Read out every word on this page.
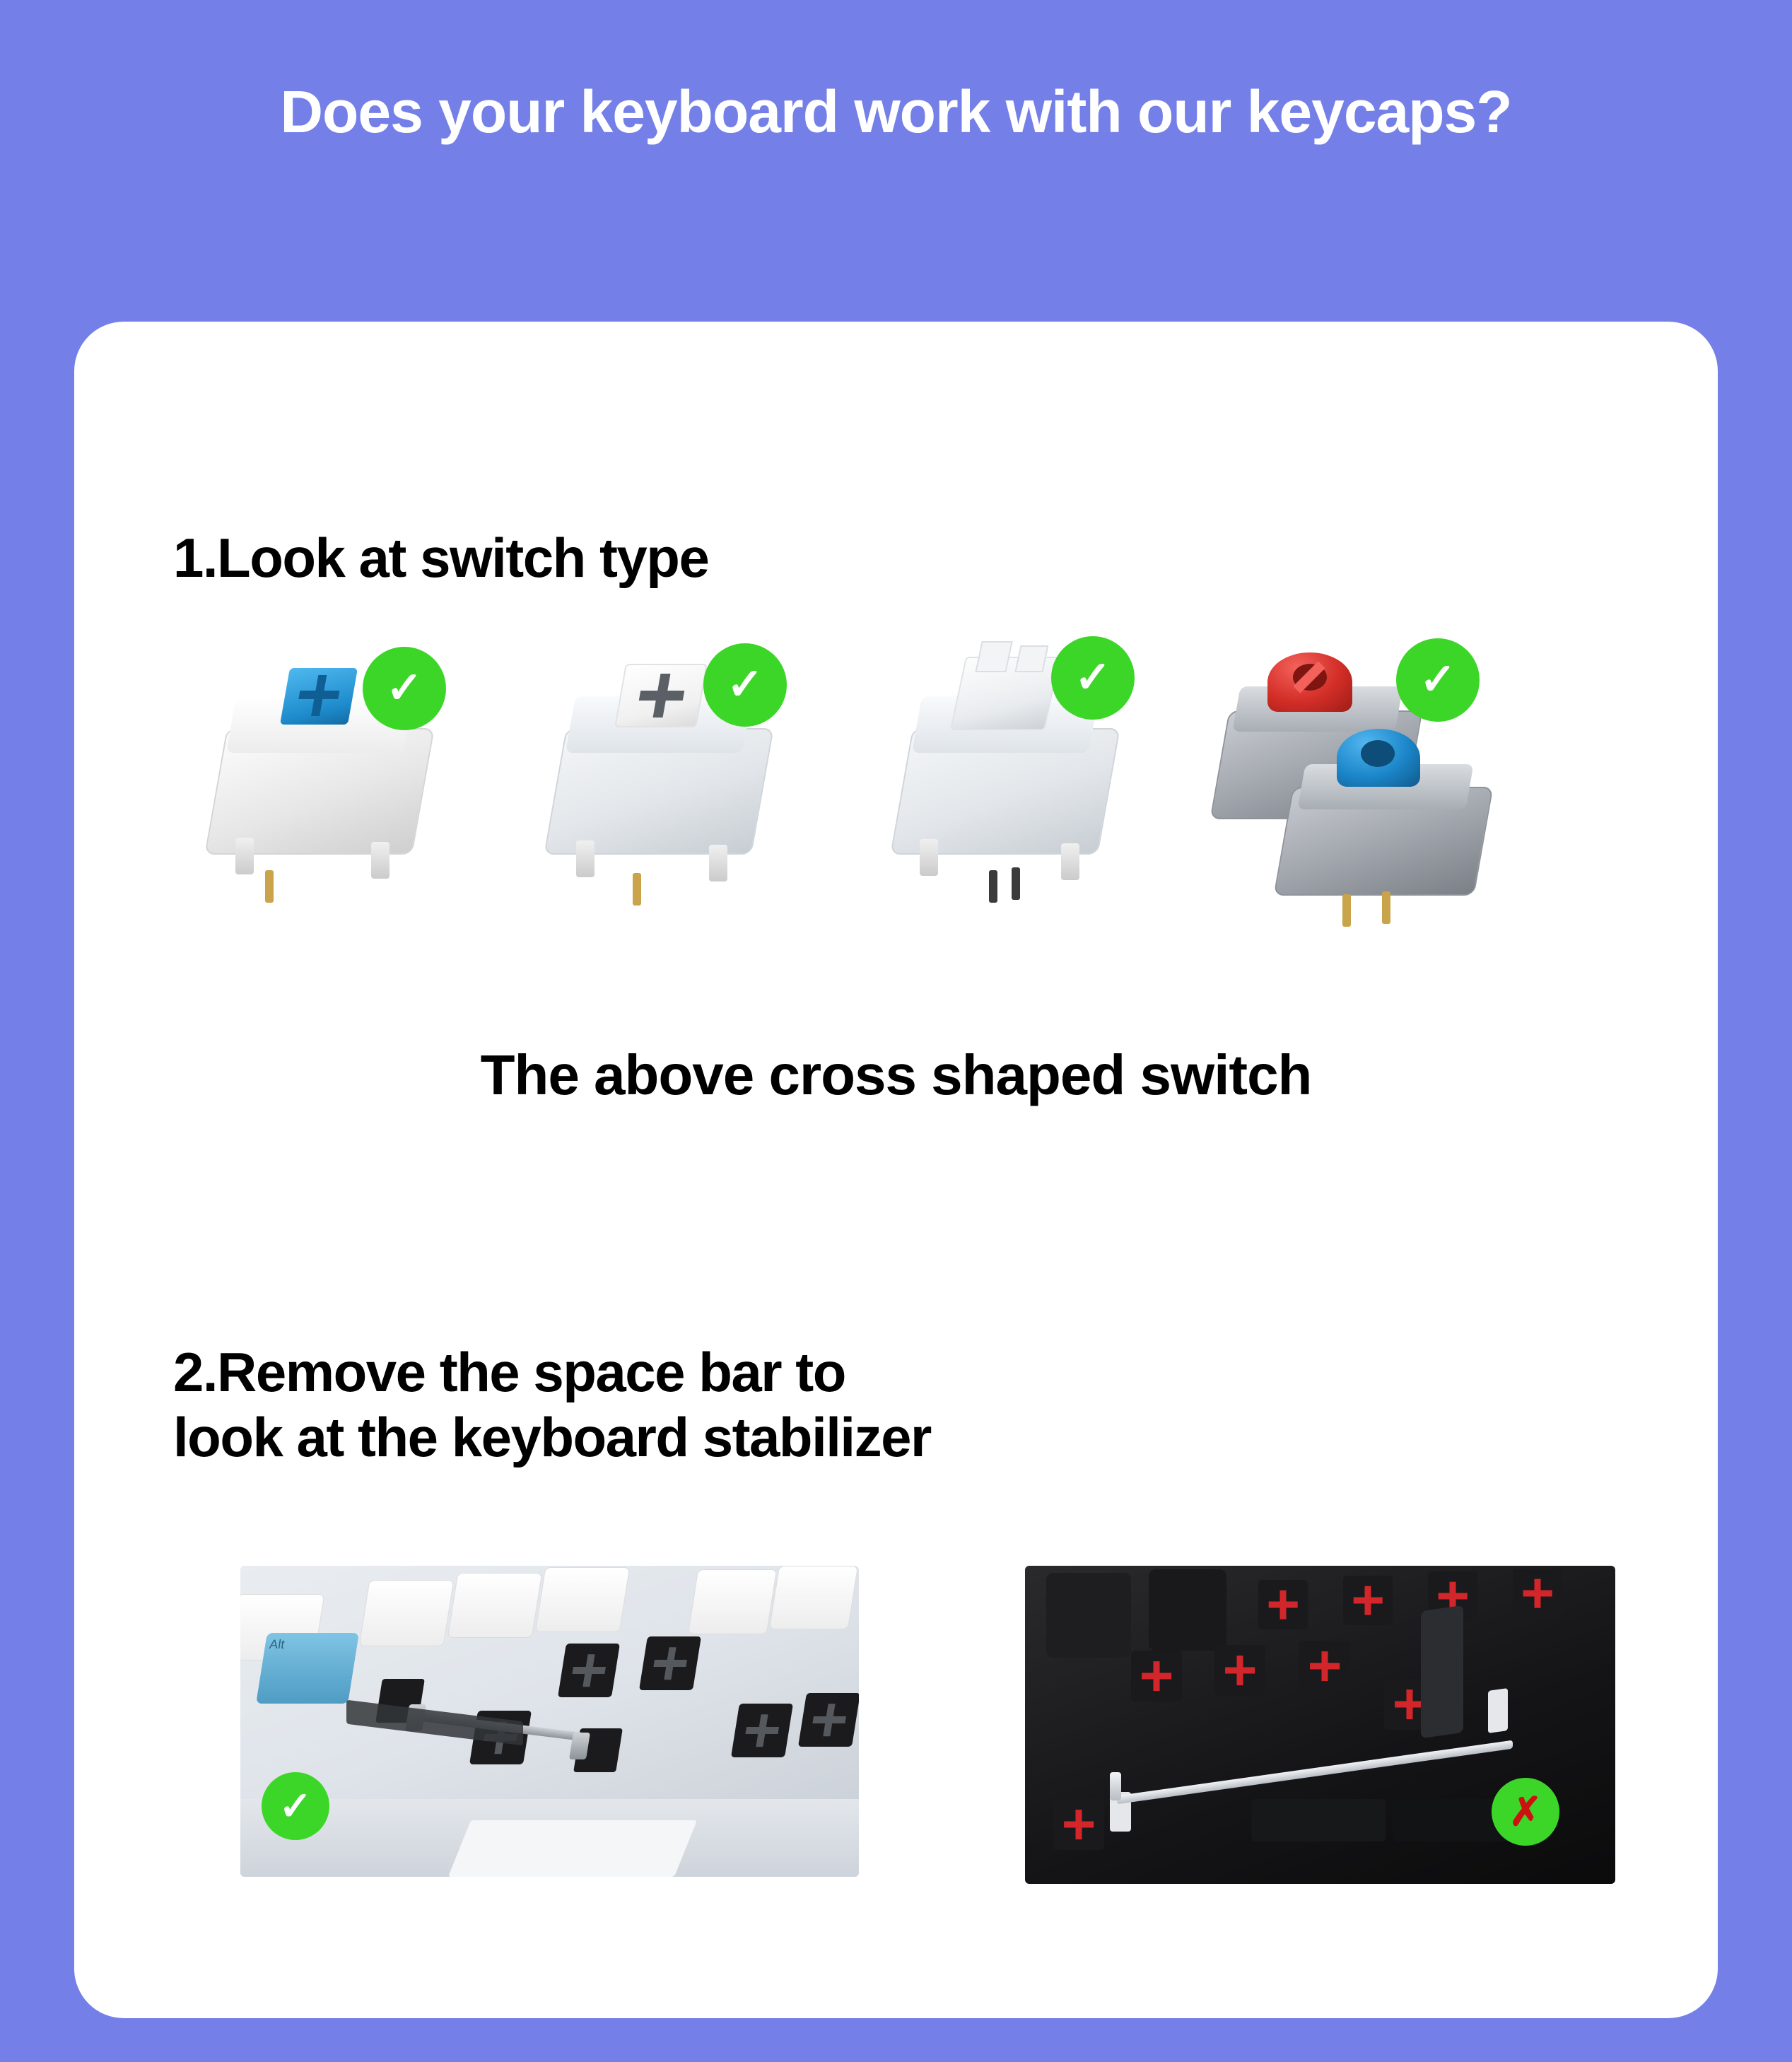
Does your keyboard work with our keycaps?
1.Look at switch type
✓	✓	✓	✓
The above cross shaped switch
2.Remove the space bar to
look at the keyboard stabilizer
Alt
✓	✗
